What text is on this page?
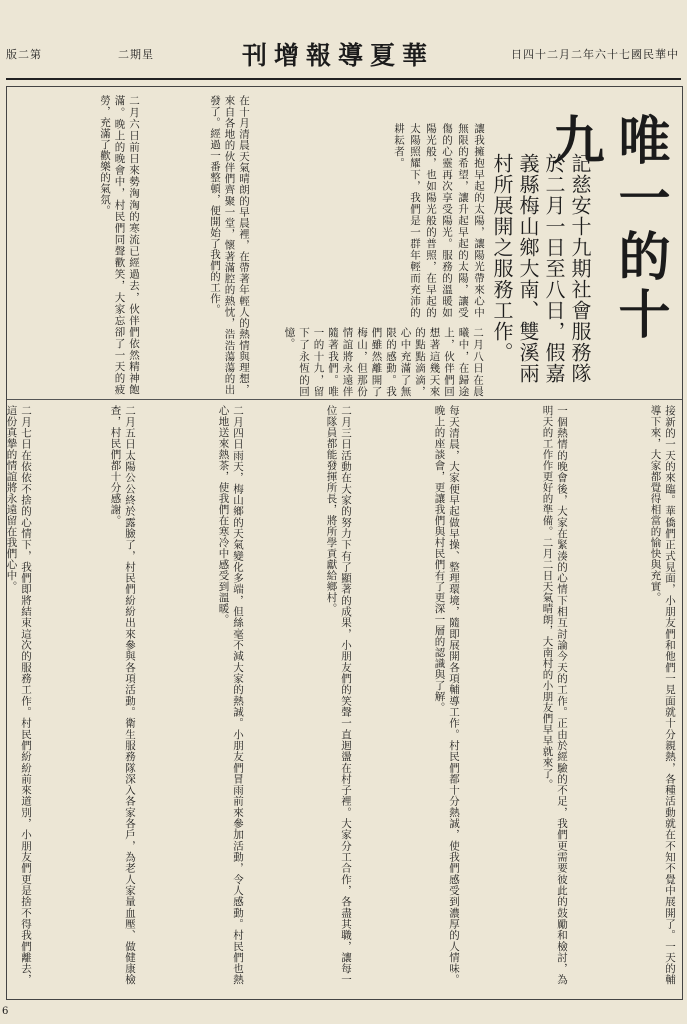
版二第	二期星	刊增報導夏華	日四十二月二年六十七國民華中
唯一的十九
記慈安十九期社會服務隊於二月一日至八日，假嘉義縣梅山鄉大南、雙溪兩村所展開之服務工作。
讓我擁抱早起的太陽，讓陽光帶來心中無限的希望，讓升起早起的太陽，讓受傷的心靈再次享受陽光。服務的溫暖如陽光般，也如陽光般的普照，在早起的太陽照耀下，我們是一群年輕而充沛的耕耘者。
接新的一天的來臨。華僑們正式見面，小朋友們和他們一見面就十分親熱，各種活動就在不知不覺中展開了。一天的輔導下來，大家都覺得相當的愉快與充實。
一個熱情的晚會後，大家在緊湊的心情下相互討論今天的工作。正由於經驗的不足，我們更需要彼此的鼓勵和檢討，為明天的工作作更好的準備。二月二日天氣晴朗，大南村的小朋友們早早就來了。
每天清晨，大家便早起做早操、整理環境，隨即展開各項輔導工作。村民們都十分熱誠，使我們感受到濃厚的人情味。晚上的座談會，更讓我們與村民們有了更深一層的認識與了解。
在十月清晨天氣晴朗的早晨裡，在帶著年輕人的熱情與理想，來自各地的伙伴們齊聚一堂，懷著滿腔的熱忱，浩浩蕩蕩的出發了。經過一番整頓，便開始了我們的工作。
二月三日活動在大家的努力下有了顯著的成果，小朋友們的笑聲一直迴盪在村子裡。大家分工合作，各盡其職，讓每一位隊員都能發揮所長，將所學貢獻給鄉村。
二月四日雨天，梅山鄉的天氣變化多端，但絲毫不減大家的熱誠。小朋友們冒雨前來參加活動，令人感動。村民們也熱心地送來熱茶，使我們在寒冷中感受到溫暖。
二月五日太陽公公終於露臉了，村民們紛紛出來參與各項活動。衛生服務隊深入各家各戶，為老人家量血壓、做健康檢查，村民們都十分感謝。
二月六日前日來勢洶洶的寒流已經過去，伙伴們依然精神飽滿。晚上的晚會中，村民們同聲歡笑，大家忘卻了一天的疲勞，充滿了歡樂的氣氛。
二月七日在依依不捨的心情下，我們即將結束這次的服務工作。村民們紛紛前來道別，小朋友們更是捨不得我們離去，這份真摯的情誼將永遠留在我們心中。
二月八日在晨曦中，在歸途上，伙伴們回想著這幾天來的點點滴滴，心中充滿了無限的感動。我們雖然離開了梅山，但那份情誼將永遠伴隨著我們。唯一的十九，留下了永恆的回憶。
6
